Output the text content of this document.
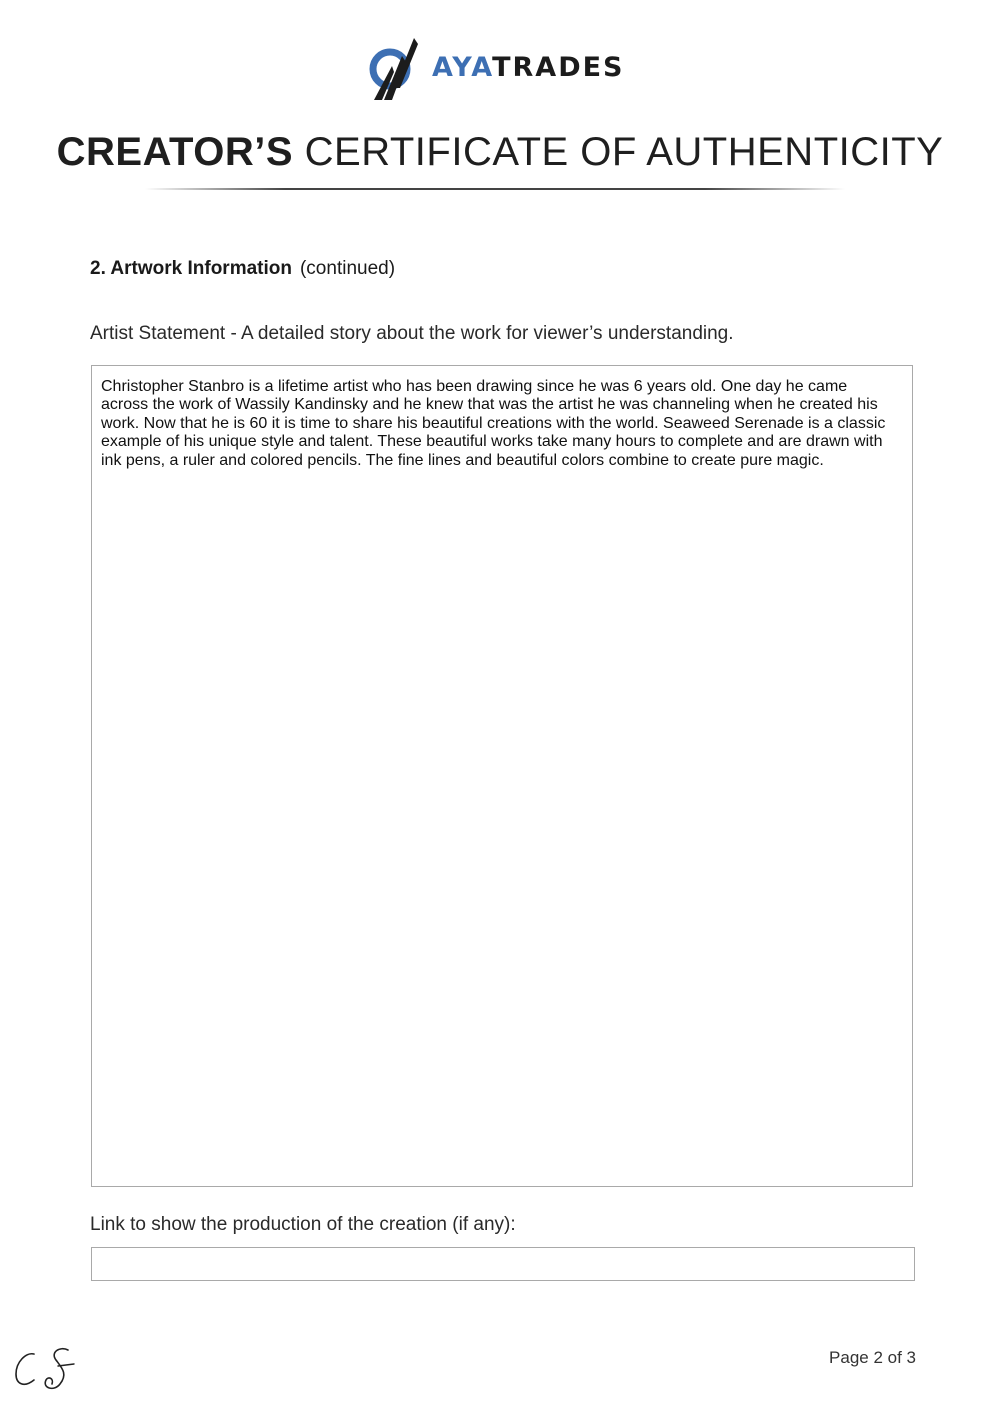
AYATRADES
CREATOR’S CERTIFICATE OF AUTHENTICITY
2. Artwork Information (continued)
Artist Statement - A detailed story about the work for viewer’s understanding.
Christopher Stanbro is a lifetime artist who has been drawing since he was 6 years old. One day he came across the work of Wassily Kandinsky and he knew that was the artist he was channeling when he created his work. Now that he is 60 it is time to share his beautiful creations with the world. Seaweed Serenade is a classic example of his unique style and talent. These beautiful works take many hours to complete and are drawn with ink pens, a ruler and colored pencils. The fine lines and beautiful colors combine to create pure magic.
Link to show the production of the creation (if any):
Page 2 of 3
